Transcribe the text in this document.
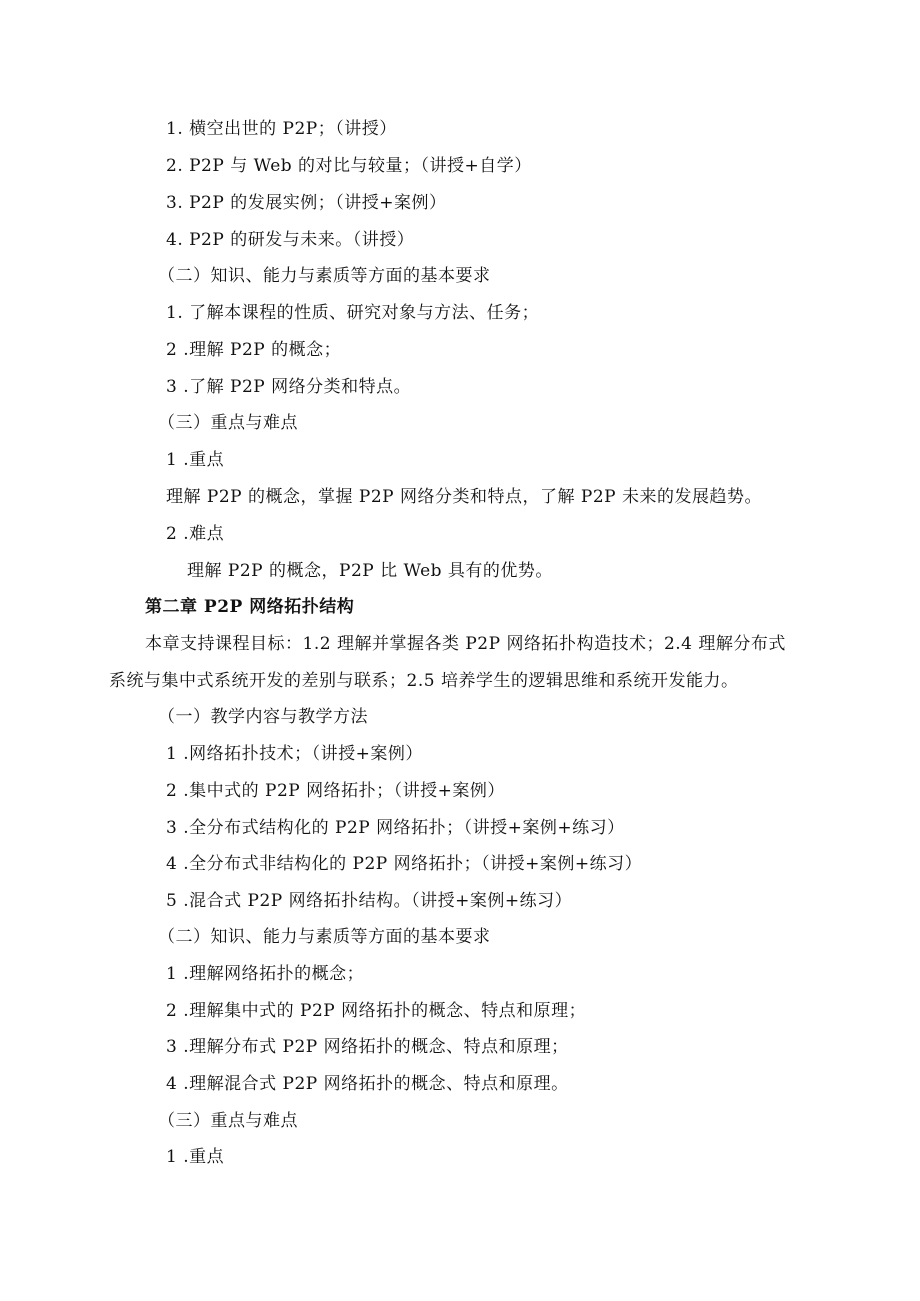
1. 横空出世的 P2P；（讲授）
2. P2P 与 Web 的对比与较量；（讲授+自学）
3. P2P 的发展实例；（讲授+案例）
4. P2P 的研发与未来。（讲授）
（二）知识、能力与素质等方面的基本要求
1. 了解本课程的性质、研究对象与方法、任务；
2 .理解 P2P 的概念；
3 .了解 P2P 网络分类和特点。
（三）重点与难点
1 .重点
理解 P2P 的概念，掌握 P2P 网络分类和特点，了解 P2P 未来的发展趋势。
2 .难点
理解 P2P 的概念，P2P 比 Web 具有的优势。
第二章 P2P 网络拓扑结构
本章支持课程目标：1.2 理解并掌握各类 P2P 网络拓扑构造技术；2.4 理解分布式
系统与集中式系统开发的差别与联系；2.5 培养学生的逻辑思维和系统开发能力。
（一）教学内容与教学方法
1 .网络拓扑技术；（讲授+案例）
2 .集中式的 P2P 网络拓扑；（讲授+案例）
3 .全分布式结构化的 P2P 网络拓扑；（讲授+案例+练习）
4 .全分布式非结构化的 P2P 网络拓扑；（讲授+案例+练习）
5 .混合式 P2P 网络拓扑结构。（讲授+案例+练习）
（二）知识、能力与素质等方面的基本要求
1 .理解网络拓扑的概念；
2 .理解集中式的 P2P 网络拓扑的概念、特点和原理；
3 .理解分布式 P2P 网络拓扑的概念、特点和原理；
4 .理解混合式 P2P 网络拓扑的概念、特点和原理。
（三）重点与难点
1 .重点
